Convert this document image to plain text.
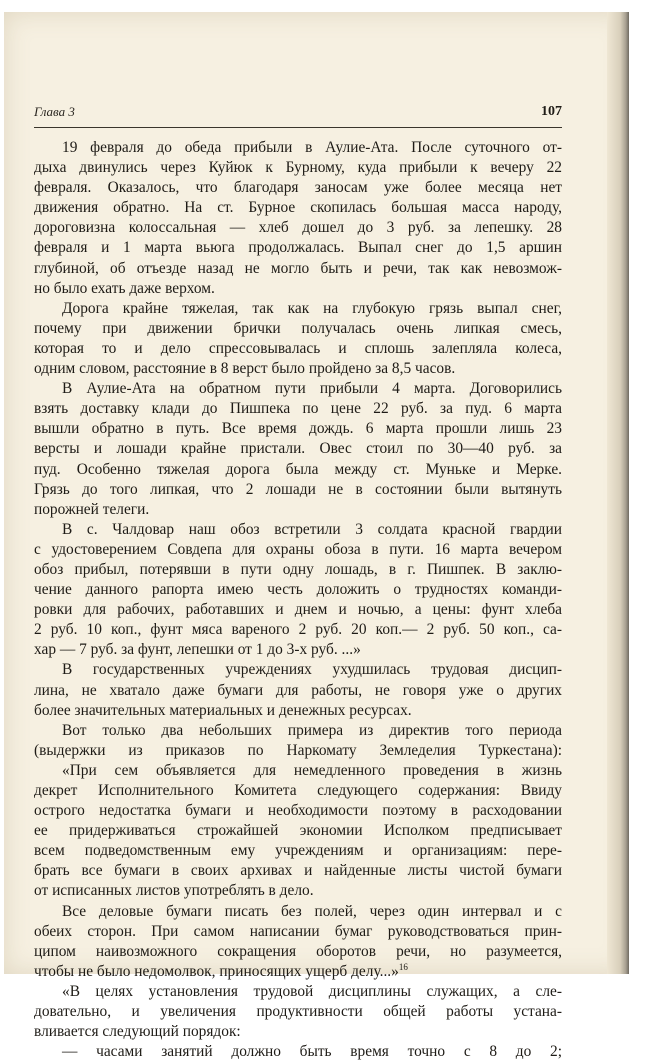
Глава 3	107
19 февраля до обеда прибыли в Аулие-Ата. После суточного от-
дыха двинулись через Куйюк к Бурному, куда прибыли к вечеру 22
февраля. Оказалось, что благодаря заносам уже более месяца нет
движения обратно. На ст. Бурное скопилась большая масса народу,
дороговизна колоссальная — хлеб дошел до 3 руб. за лепешку. 28
февраля и 1 марта вьюга продолжалась. Выпал снег до 1,5 аршин
глубиной, об отъезде назад не могло быть и речи, так как невозмож-
но было ехать даже верхом.
Дорога крайне тяжелая, так как на глубокую грязь выпал снег,
почему при движении брички получалась очень липкая смесь,
которая то и дело спрессовывалась и сплошь залепляла колеса,
одним словом, расстояние в 8 верст было пройдено за 8,5 часов.
В Аулие-Ата на обратном пути прибыли 4 марта. Договорились
взять доставку клади до Пишпека по цене 22 руб. за пуд. 6 марта
вышли обратно в путь. Все время дождь. 6 марта прошли лишь 23
версты и лошади крайне пристали. Овес стоил по 30—40 руб. за
пуд. Особенно тяжелая дорога была между ст. Муньке и Мерке.
Грязь до того липкая, что 2 лошади не в состоянии были вытянуть
порожней телеги.
В с. Чалдовар наш обоз встретили 3 солдата красной гвардии
с удостоверением Совдепа для охраны обоза в пути. 16 марта вечером
обоз прибыл, потерявши в пути одну лошадь, в г. Пишпек. В заклю-
чение данного рапорта имею честь доложить о трудностях команди-
ровки для рабочих, работавших и днем и ночью, а цены: фунт хлеба
2 руб. 10 коп., фунт мяса вареного 2 руб. 20 коп.— 2 руб. 50 коп., са-
хар — 7 руб. за фунт, лепешки от 1 до 3-х руб. ...»
В государственных учреждениях ухудшилась трудовая дисцип-
лина, не хватало даже бумаги для работы, не говоря уже о других
более значительных материальных и денежных ресурсах.
Вот только два небольших примера из директив того периода
(выдержки из приказов по Наркомату Земледелия Туркестана):
«При сем объявляется для немедленного проведения в жизнь
декрет Исполнительного Комитета следующего содержания: Ввиду
острого недостатка бумаги и необходимости поэтому в расходовании
ее придерживаться строжайшей экономии Исполком предписывает
всем подведомственным ему учреждениям и организациям: пере-
брать все бумаги в своих архивах и найденные листы чистой бумаги
от исписанных листов употреблять в дело.
Все деловые бумаги писать без полей, через один интервал и с
обеих сторон. При самом написании бумаг руководствоваться прин-
ципом наивозможного сокращения оборотов речи, но разумеется,
чтобы не было недомолвок, приносящих ущерб делу...»$^{16}$
«В целях установления трудовой дисциплины служащих, а сле-
довательно, и увеличения продуктивности общей работы устана-
вливается следующий порядок:
— часами занятий должно быть время точно с 8 до 2;
